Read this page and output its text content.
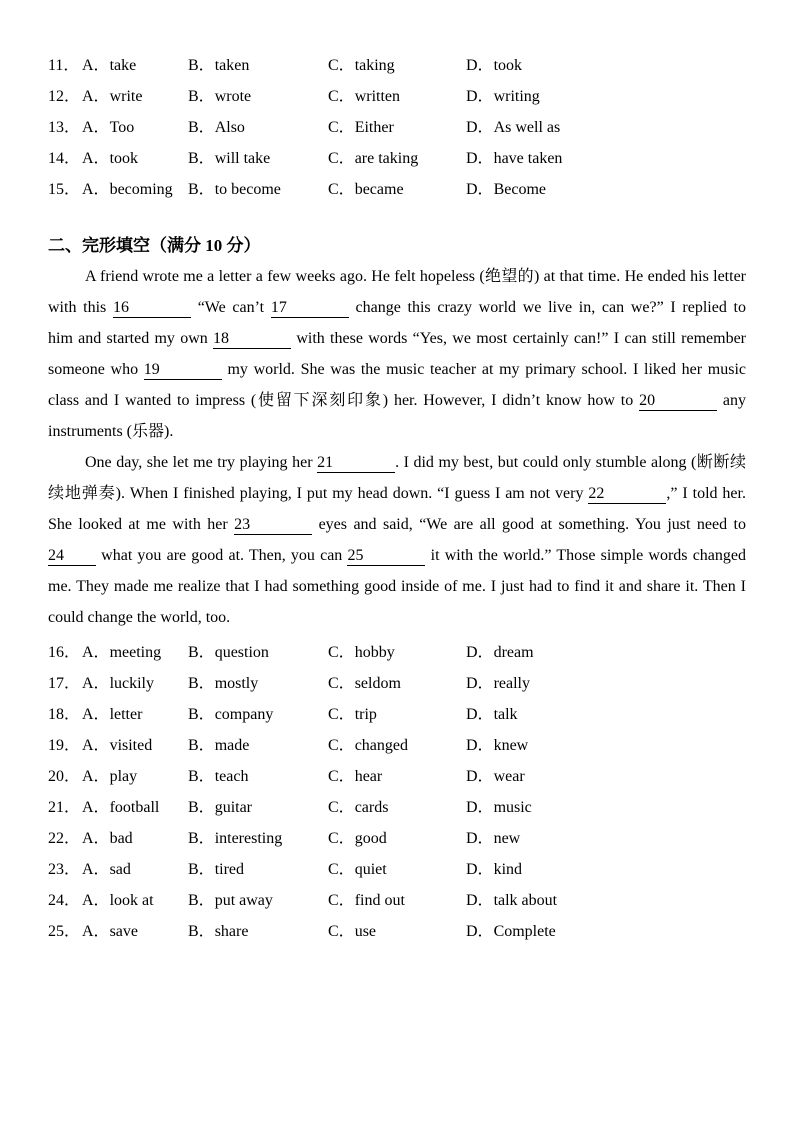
11． A．take	B．taken	C．taking	D．took
12． A．write	B．wrote	C．written	D．writing
13． A．Too	B．Also	C．Either	D．As well as
14． A．took	B．will take	C．are taking	D．have taken
15． A．becoming B．to become	C．became	D．Become
二、完形填空（满分 10 分）
A friend wrote me a letter a few weeks ago. He felt hopeless (绝望的) at that time. He ended his letter
with this 16	“We can’t 17	change this crazy world we live in, can we?” I replied to
him and started my own 18	with these words “Yes, we most certainly can!” I can still remember
someone who 19	my world. She was the music teacher at my primary school. I liked her music
class and I wanted to impress (使留下深刻印象) her. However, I didn’t know how to 20	any
instruments (乐器).
One day, she let me try playing her 21	. I did my best, but could only stumble along (断断续
续地弹奏). When I finished playing, I put my head down. “I guess I am not very 22	,” I told her.
She looked at me with her 23	eyes and said, “We are all good at something. You just need to
24 what you are good at. Then, you can 25	it with the world.” Those simple words changed
me. They made me realize that I had something good inside of me. I just had to find it and share it. Then I
could change the world, too.
16． A．meeting	B．question	C．hobby	D．dream
17． A．luckily	B．mostly	C．seldom	D．really
18． A．letter	B．company	C．trip	D．talk
19． A．visited	B．made	C．changed	D．knew
20． A．play	B．teach	C．hear	D．wear
21． A．football	B．guitar	C．cards	D．music
22． A．bad	B．interesting	C．good	D．new
23． A．sad	B．tired	C．quiet	D．kind
24． A．look at	B．put away	C．find out	D．talk about
25． A．save	B．share	C．use	D．Complete
